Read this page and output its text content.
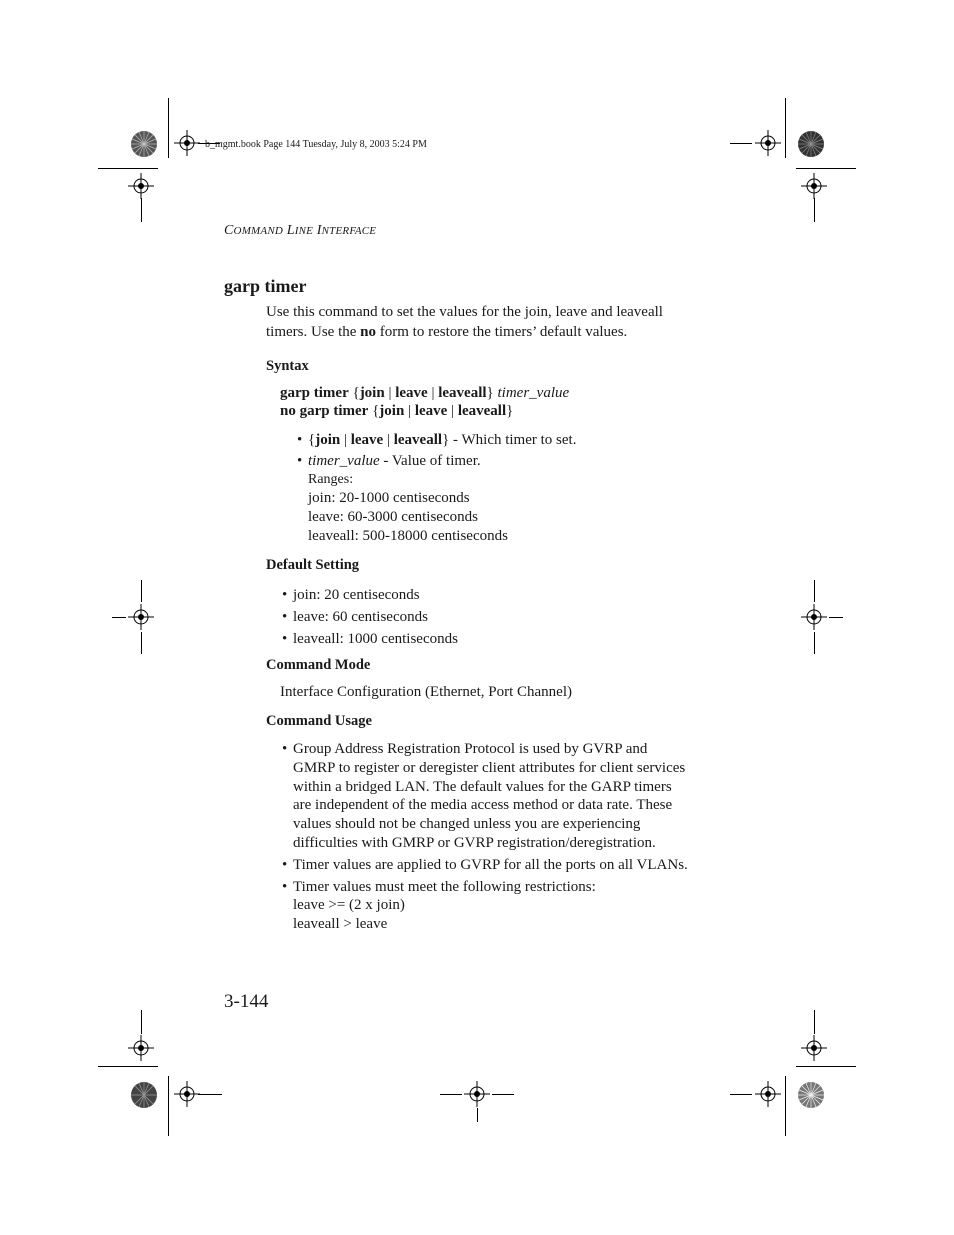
b_mgmt.book Page 144 Tuesday, July 8, 2003 5:24 PM
COMMAND LINE INTERFACE
garp timer
Use this command to set the values for the join, leave and leaveall
timers. Use the no form to restore the timers’ default values.
Syntax
garp timer {join | leave | leaveall} timer_value
no garp timer {join | leave | leaveall}
• {join | leave | leaveall} - Which timer to set.
• timer_value - Value of timer.
Ranges:
join: 20-1000 centiseconds
leave: 60-3000 centiseconds
leaveall: 500-18000 centiseconds
Default Setting
• join: 20 centiseconds
• leave: 60 centiseconds
• leaveall: 1000 centiseconds
Command Mode
Interface Configuration (Ethernet, Port Channel)
Command Usage
• Group Address Registration Protocol is used by GVRP and
GMRP to register or deregister client attributes for client services
within a bridged LAN. The default values for the GARP timers
are independent of the media access method or data rate. These
values should not be changed unless you are experiencing
difficulties with GMRP or GVRP registration/deregistration.
• Timer values are applied to GVRP for all the ports on all VLANs.
• Timer values must meet the following restrictions:
leave >= (2 x join)
leaveall > leave
3-144
